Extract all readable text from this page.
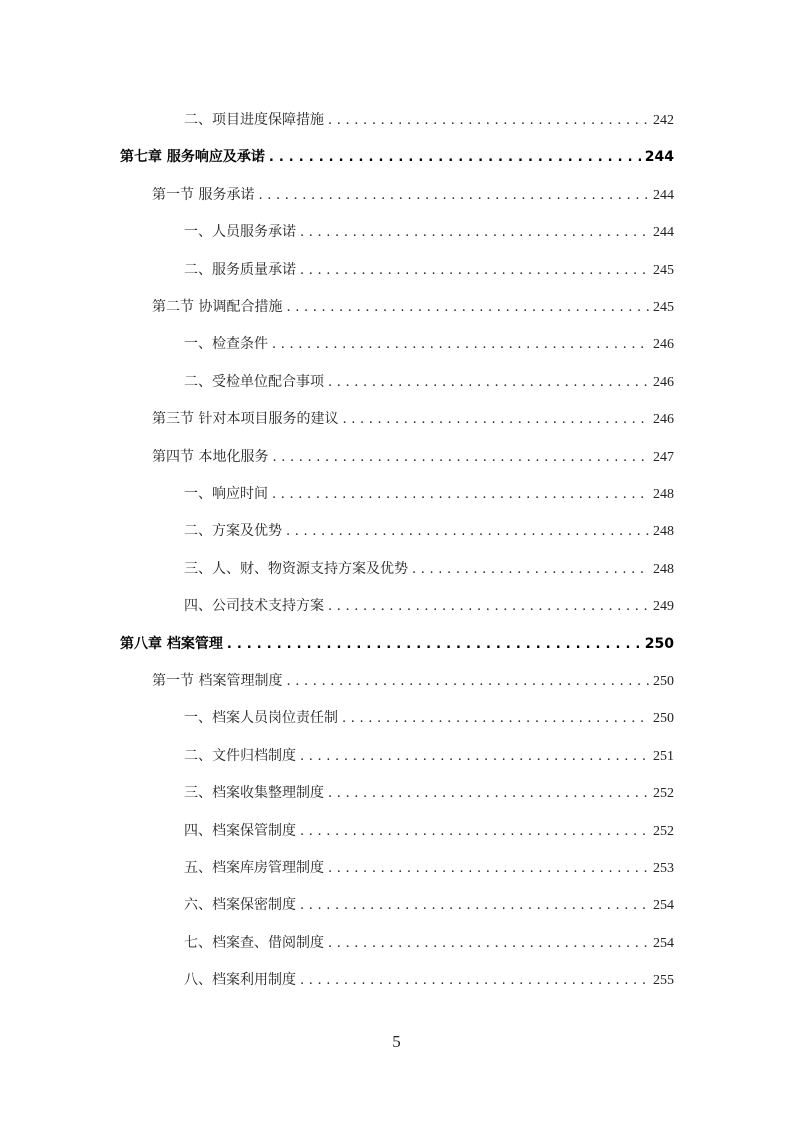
二、项目进度保障措施 . . .	242
第七章 服务响应及承诺 . . .	244
第一节 服务承诺 . . .	244
一、人员服务承诺 . . .	244
二、服务质量承诺 . . .	245
第二节 协调配合措施 . . .	245
一、检查条件 . . .	246
二、受检单位配合事项 . . .	246
第三节 针对本项目服务的建议 . . .	246
第四节 本地化服务 . . .	247
一、响应时间 . . .	248
二、方案及优势 . . .	248
三、人、财、物资源支持方案及优势 . . .	248
四、公司技术支持方案 . . .	249
第八章 档案管理 . . .	250
第一节 档案管理制度 . . .	250
一、档案人员岗位责任制 . . .	250
二、文件归档制度 . . .	251
三、档案收集整理制度 . . .	252
四、档案保管制度 . . .	252
五、档案库房管理制度 . . .	253
六、档案保密制度 . . .	254
七、档案查、借阅制度 . . .	254
八、档案利用制度 . . .	255
5
